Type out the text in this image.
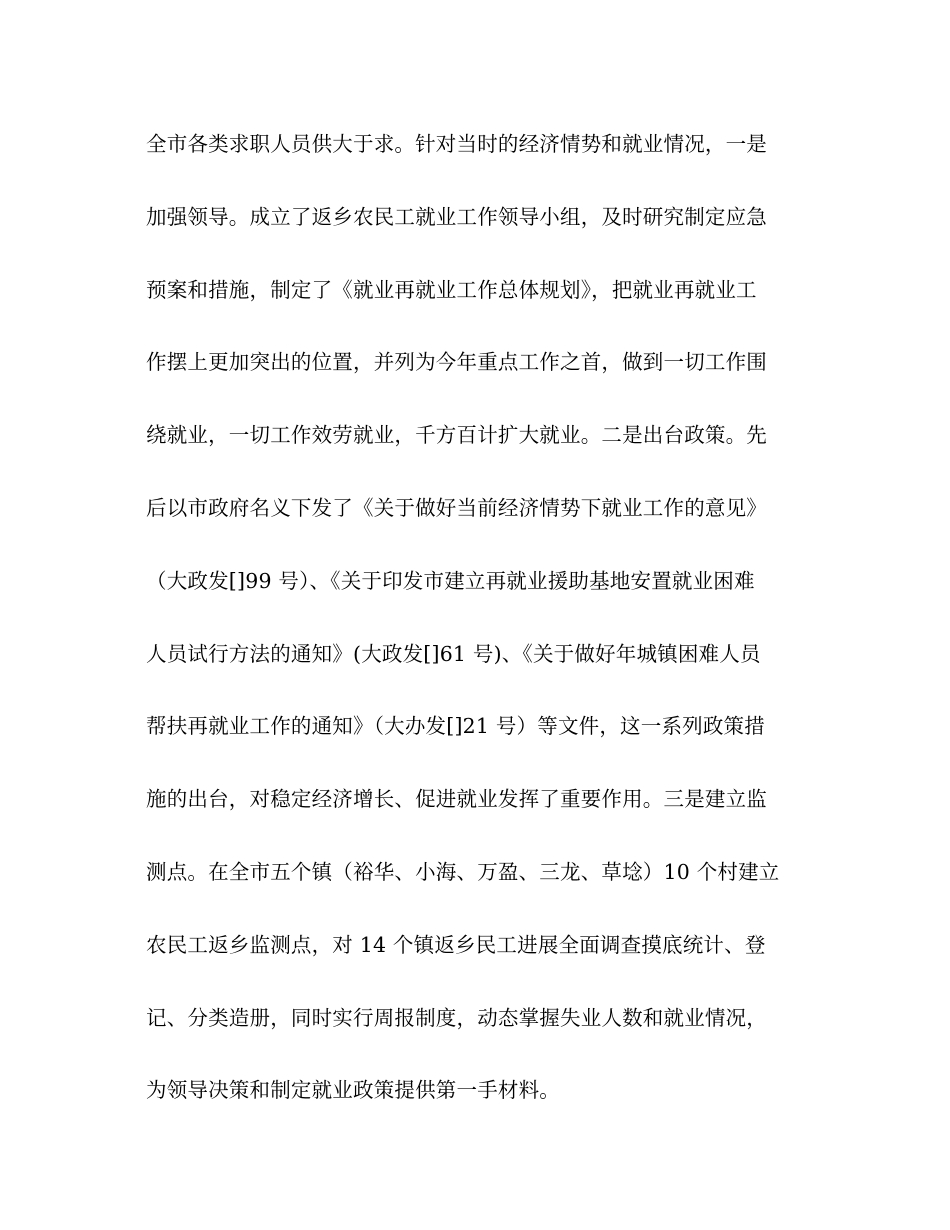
全市各类求职人员供大于求。针对当时的经济情势和就业情况，一是
加强领导。成立了返乡农民工就业工作领导小组，及时研究制定应急
预案和措施，制定了《就业再就业工作总体规划》，把就业再就业工
作摆上更加突出的位置，并列为今年重点工作之首，做到一切工作围
绕就业，一切工作效劳就业，千方百计扩大就业。二是出台政策。先
后以市政府名义下发了《关于做好当前经济情势下就业工作的意见》
（大政发[]99 号）、《关于印发市建立再就业援助基地安置就业困难
人员试行方法的通知》(大政发[]61 号)、《关于做好年城镇困难人员
帮扶再就业工作的通知》（大办发[]21 号）等文件，这一系列政策措
施的出台，对稳定经济增长、促进就业发挥了重要作用。三是建立监
测点。在全市五个镇（裕华、小海、万盈、三龙、草埝）10 个村建立
农民工返乡监测点，对 14 个镇返乡民工进展全面调查摸底统计、登
记、分类造册，同时实行周报制度，动态掌握失业人数和就业情况，
为领导决策和制定就业政策提供第一手材料。
